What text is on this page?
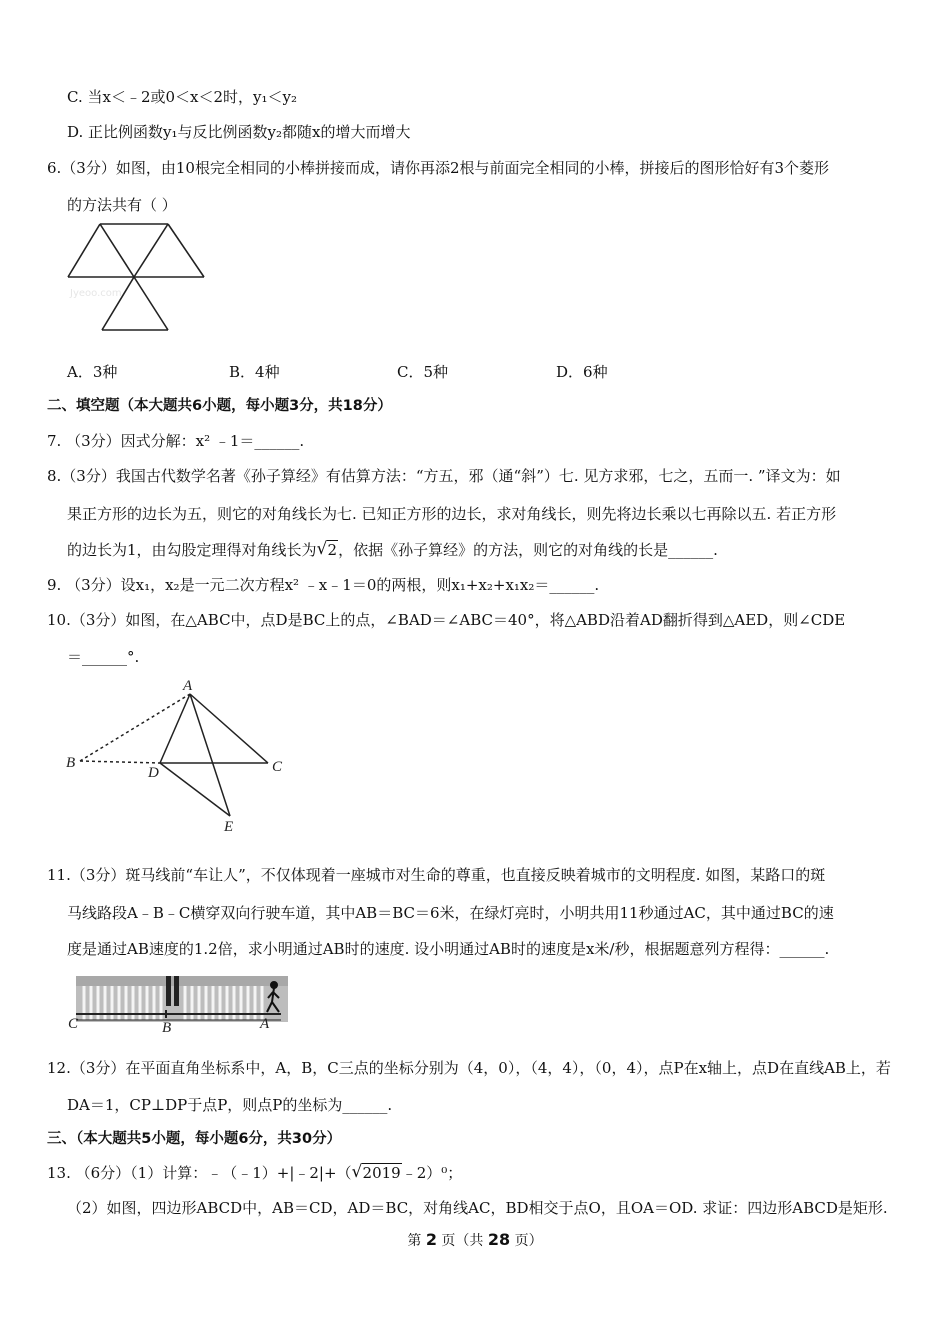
C. 当x＜﹣2或0＜x＜2时，y₁＜y₂
D. 正比例函数y₁与反比例函数y₂都随x的增大而增大
6.（3分）如图，由10根完全相同的小棒拼接而成，请你再添2根与前面完全相同的小棒，拼接后的图形恰好有3个菱形
的方法共有（ ）
Jyeoo.com
A．3种	B．4种	C．5种	D．6种
二、填空题（本大题共6小题，每小题3分，共18分）
7. （3分）因式分解：x² ﹣1＝______.
8.（3分）我国古代数学名著《孙子算经》有估算方法：“方五，邪（通“斜”）七. 见方求邪，七之，五而一. ”译文为：如
果正方形的边长为五，则它的对角线长为七. 已知正方形的边长，求对角线长，则先将边长乘以七再除以五. 若正方形
的边长为1，由勾股定理得对角线长为 √ 2，依据《孙子算经》的方法，则它的对角线的长是______.
9. （3分）设x₁，x₂是一元二次方程x² ﹣x﹣1＝0的两根，则x₁+x₂+x₁x₂＝______.
10.（3分）如图，在△ABC中，点D是BC上的点，∠BAD＝∠ABC＝40°，将△ABD沿着AD翻折得到△AED，则∠CDE
＝______°.
A
B	C
D
E
11.（3分）斑马线前“车让人”，不仅体现着一座城市对生命的尊重，也直接反映着城市的文明程度. 如图，某路口的斑
马线路段A﹣B﹣C横穿双向行驶车道，其中AB＝BC＝6米，在绿灯亮时，小明共用11秒通过AC，其中通过BC的速
度是通过AB速度的1.2倍，求小明通过AB时的速度. 设小明通过AB时的速度是x米/秒，根据题意列方程得：______.
C	B	A
12.（3分）在平面直角坐标系中，A，B，C三点的坐标分别为（4，0），（4，4），（0，4），点P在x轴上，点D在直线AB上，若
DA＝1，CP⊥DP于点P，则点P的坐标为______.
三、（本大题共5小题，每小题6分，共30分）
13. （6分）（1）计算：﹣（﹣1）+|﹣2|+（ √ 2019﹣2）⁰；
（2）如图，四边形ABCD中，AB＝CD，AD＝BC，对角线AC，BD相交于点O，且OA＝OD. 求证：四边形ABCD是矩形.
第 2 页（共 28 页）
